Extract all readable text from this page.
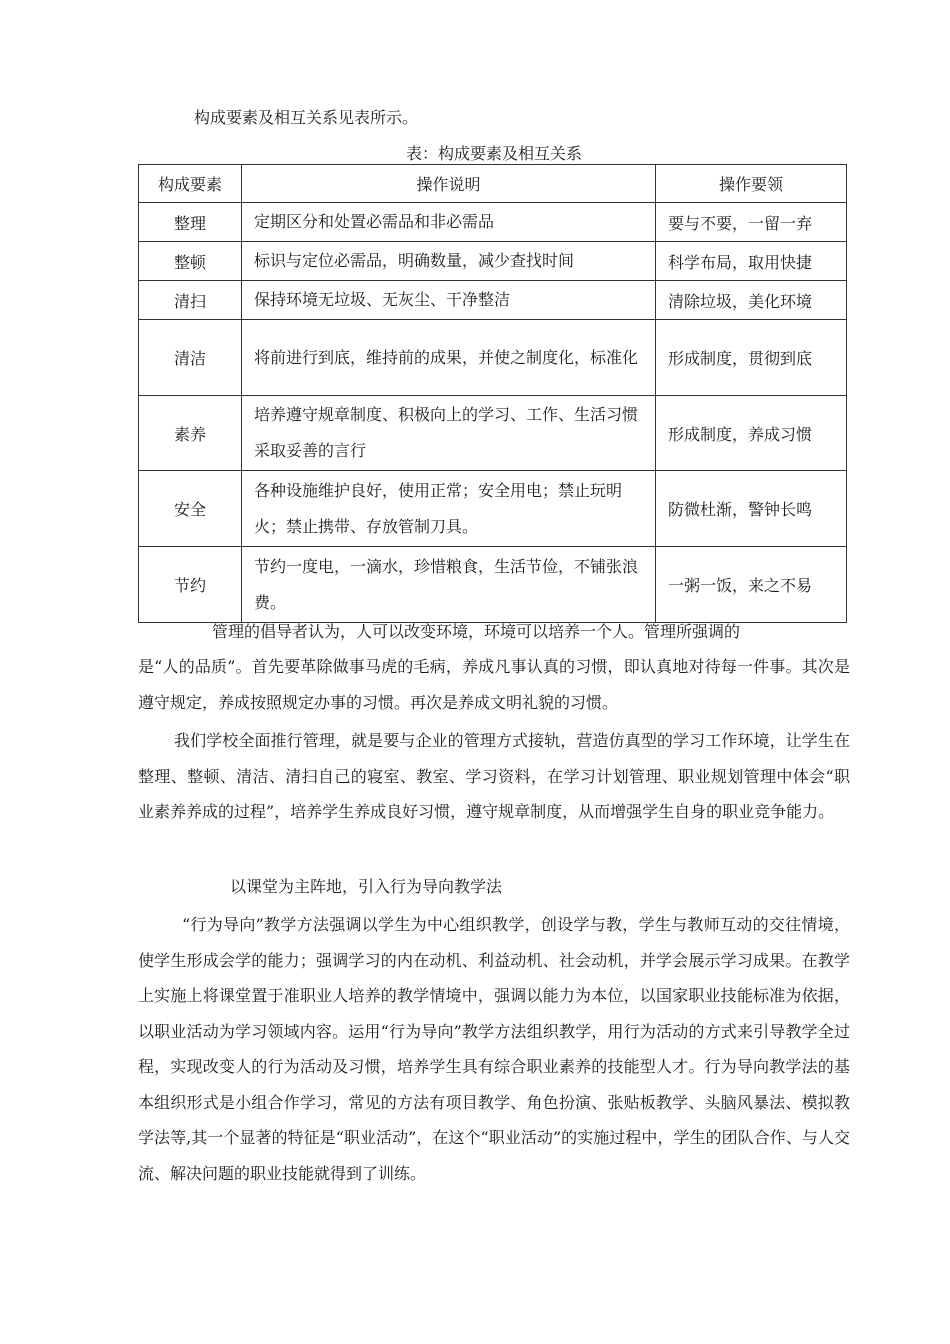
构成要素及相互关系见表所示。
表：构成要素及相互关系
构成要素	操作说明	操作要领
整理	定期区分和处置必需品和非必需品	要与不要，一留一弃
整顿	标识与定位必需品，明确数量，减少查找时间	科学布局，取用快捷
清扫	保持环境无垃圾、无灰尘、干净整洁	清除垃圾，美化环境
清洁	将前进行到底，维持前的成果，并使之制度化，标准化	形成制度，贯彻到底
素养	培养遵守规章制度、积极向上的学习、工作、生活习惯采取妥善的言行	形成制度，养成习惯
安全	各种设施维护良好，使用正常；安全用电；禁止玩明火；禁止携带、存放管制刀具。	防微杜渐，警钟长鸣
节约	节约一度电，一滴水，珍惜粮食，生活节俭，不铺张浪费。	一粥一饭，来之不易
管理的倡导者认为，人可以改变环境，环境可以培养一个人。管理所强调的
是“人的品质”。首先要革除做事马虎的毛病，养成凡事认真的习惯，即认真地对待每一件事。其次是遵守规定，养成按照规定办事的习惯。再次是养成文明礼貌的习惯。
我们学校全面推行管理，就是要与企业的管理方式接轨，营造仿真型的学习工作环境，让学生在整理、整顿、清洁、清扫自己的寝室、教室、学习资料，在学习计划管理、职业规划管理中体会“职业素养养成的过程”，培养学生养成良好习惯，遵守规章制度，从而增强学生自身的职业竞争能力。
以课堂为主阵地，引入行为导向教学法
“行为导向”教学方法强调以学生为中心组织教学，创设学与教，学生与教师互动的交往情境，使学生形成会学的能力；强调学习的内在动机、利益动机、社会动机，并学会展示学习成果。在教学上实施上将课堂置于准职业人培养的教学情境中，强调以能力为本位，以国家职业技能标准为依据，以职业活动为学习领域内容。运用“行为导向”教学方法组织教学，用行为活动的方式来引导教学全过程，实现改变人的行为活动及习惯，培养学生具有综合职业素养的技能型人才。行为导向教学法的基本组织形式是小组合作学习，常见的方法有项目教学、角色扮演、张贴板教学、头脑风暴法、模拟教学法等,其一个显著的特征是“职业活动”，在这个“职业活动”的实施过程中，学生的团队合作、与人交流、解决问题的职业技能就得到了训练。
